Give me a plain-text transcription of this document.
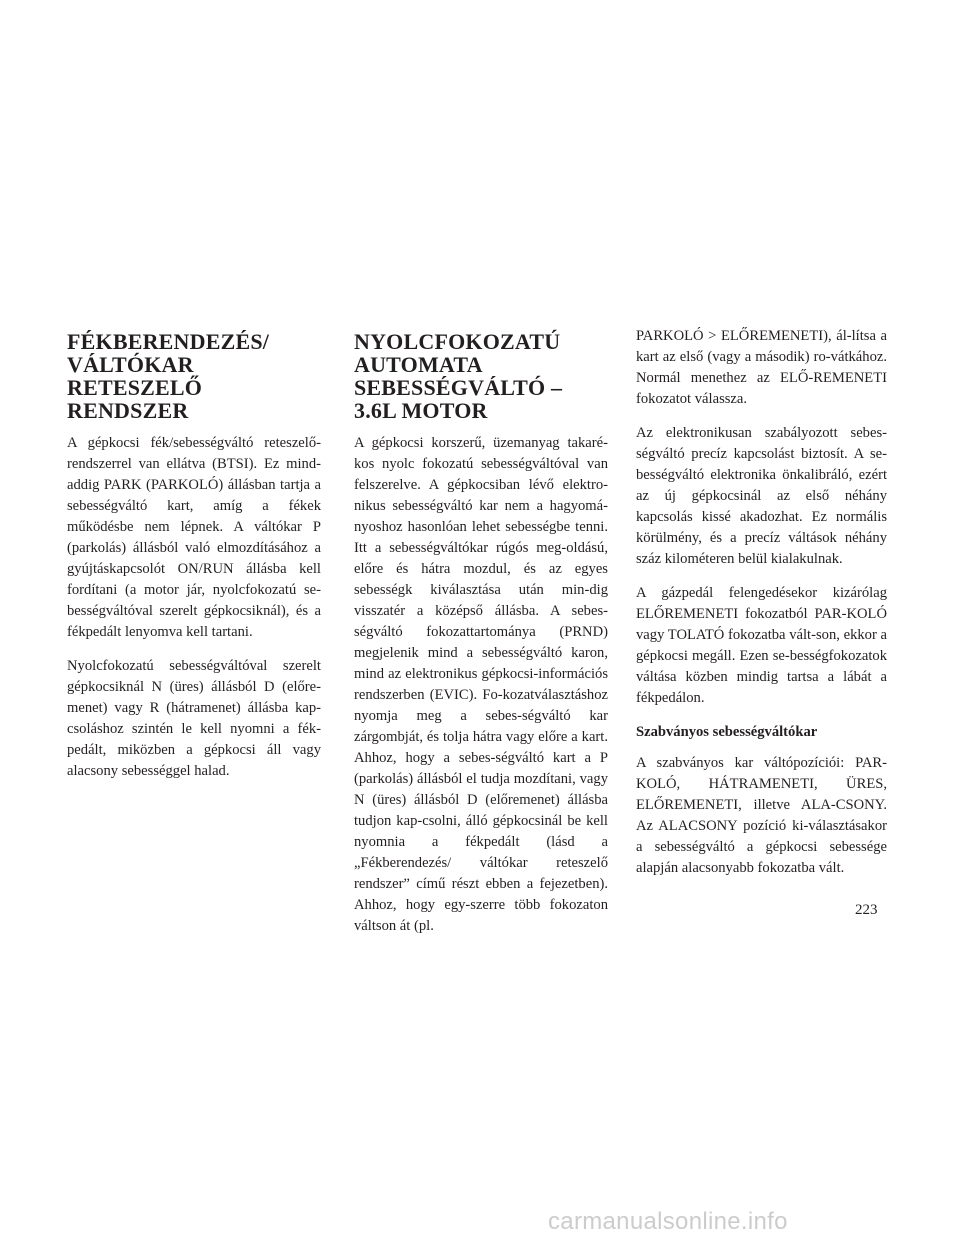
FÉKBERENDEZÉS/ VÁLTÓKAR RETESZELŐ RENDSZER

A gépkocsi fék/sebességváltó reteszelő-rendszerrel van ellátva (BTSI). Ez mind-addig PARK (PARKOLÓ) állásban tartja a sebességváltó kart, amíg a fékek működésbe nem lépnek. A váltókar P (parkolás) állásból való elmozdításához a gyújtáskapcsolót ON/RUN állásba kell fordítani (a motor jár, nyolcfokozatú se-bességváltóval szerelt gépkocsiknál), és a fékpedált lenyomva kell tartani.

Nyolcfokozatú sebességváltóval szerelt gépkocsiknál N (üres) állásból D (előre-menet) vagy R (hátramenet) állásba kap-csoláshoz szintén le kell nyomni a fék-pedált, miközben a gépkocsi áll vagy alacsony sebességgel halad.

NYOLCFOKOZATÚ AUTOMATA SEBESSÉGVÁLTÓ – 3.6L MOTOR

A gépkocsi korszerű, üzemanyag takaré-kos nyolc fokozatú sebességváltóval van felszerelve. A gépkocsiban lévő elektro-nikus sebességváltó kar nem a hagyomá-nyoshoz hasonlóan lehet sebességbe tenni. Itt a sebességváltókar rúgós meg-oldású, előre és hátra mozdul, és az egyes sebességk kiválasztása után min-dig visszatér a középső állásba. A sebes-ségváltó fokozattartománya (PRND) megjelenik mind a sebességváltó karon, mind az elektronikus gépkocsi-információs rendszerben (EVIC). Fo-kozatválasztáshoz nyomja meg a sebes-ségváltó kar zárgombját, és tolja hátra vagy előre a kart. Ahhoz, hogy a sebes-ségváltó kart a P (parkolás) állásból el tudja mozdítani, vagy N (üres) állásból D (előremenet) állásba tudjon kap-csolni, álló gépkocsinál be kell nyomnia a fékpedált (lásd a „Fékberendezés/ váltókar reteszelő rendszer” című részt ebben a fejezetben). Ahhoz, hogy egy-szerre több fokozaton váltson át (pl.

PARKOLÓ > ELŐREMENETI), ál-lítsa a kart az első (vagy a második) ro-vátkához. Normál menethez az ELŐ-REMENETI fokozatot válassza.

Az elektronikusan szabályozott sebes-ségváltó precíz kapcsolást biztosít. A se-bességváltó elektronika önkalibráló, ezért az új gépkocsinál az első néhány kapcsolás kissé akadozhat. Ez normális körülmény, és a precíz váltások néhány száz kilométeren belül kialakulnak.

A gázpedál felengedésekor kizárólag ELŐREMENETI fokozatból PAR-KOLÓ vagy TOLATÓ fokozatba vált-son, ekkor a gépkocsi megáll. Ezen se-bességfokozatok váltása közben mindig tartsa a lábát a fékpedálon.

Szabványos sebességváltókar

A szabványos kar váltópozíciói: PAR-KOLÓ, HÁTRAMENETI, ÜRES, ELŐREMENETI, illetve ALA-CSONY. Az ALACSONY pozíció ki-választásakor a sebességváltó a gépkocsi sebessége alapján alacsonyabb fokozatba vált.

223
carmanualsonline.info
